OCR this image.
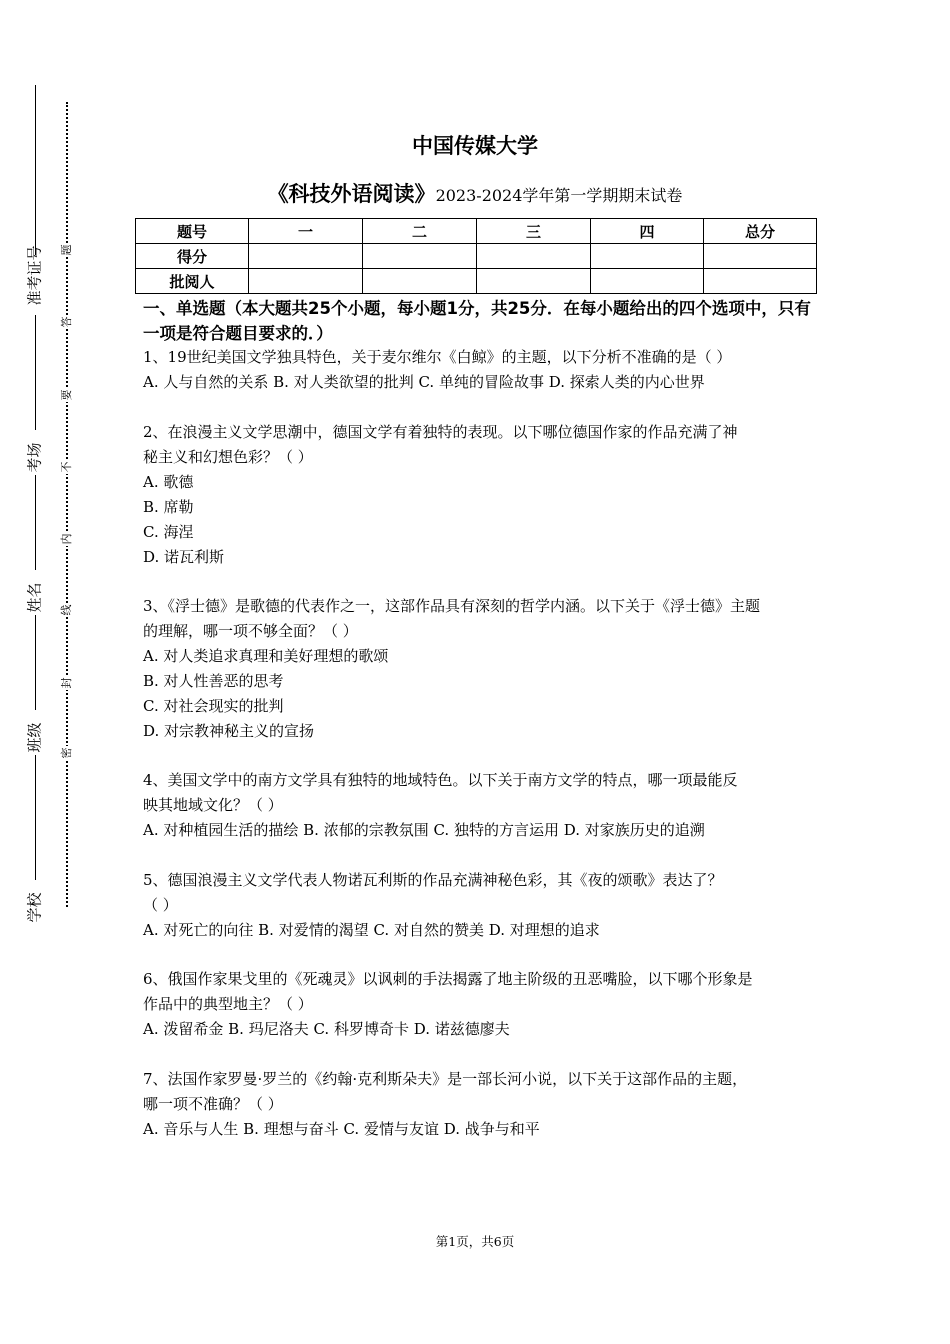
准考证号
考场
姓名
班级
学校
题
答
要
不
内
线
封
密
中国传媒大学
《科技外语阅读》2023-2024学年第一学期期末试卷
题号	一	二	三	四	总分
得分					
批阅人					
一、单选题（本大题共25个小题，每小题1分，共25分．在每小题给出的四个选项中，只有一项是符合题目要求的．）
1、19世纪美国文学独具特色，关于麦尔维尔《白鲸》的主题，以下分析不准确的是（ ）
A. 人与自然的关系 B. 对人类欲望的批判 C. 单纯的冒险故事 D. 探索人类的内心世界
2、在浪漫主义文学思潮中，德国文学有着独特的表现。以下哪位德国作家的作品充满了神
秘主义和幻想色彩？（ ）
A. 歌德
B. 席勒
C. 海涅
D. 诺瓦利斯
3、《浮士德》是歌德的代表作之一，这部作品具有深刻的哲学内涵。以下关于《浮士德》主题
的理解，哪一项不够全面？（ ）
A. 对人类追求真理和美好理想的歌颂
B. 对人性善恶的思考
C. 对社会现实的批判
D. 对宗教神秘主义的宣扬
4、美国文学中的南方文学具有独特的地域特色。以下关于南方文学的特点，哪一项最能反
映其地域文化？（ ）
A. 对种植园生活的描绘 B. 浓郁的宗教氛围 C. 独特的方言运用 D. 对家族历史的追溯
5、德国浪漫主义文学代表人物诺瓦利斯的作品充满神秘色彩，其《夜的颂歌》表达了？
（ ）
A. 对死亡的向往 B. 对爱情的渴望 C. 对自然的赞美 D. 对理想的追求
6、俄国作家果戈里的《死魂灵》以讽刺的手法揭露了地主阶级的丑恶嘴脸，以下哪个形象是
作品中的典型地主？（ ）
A. 泼留希金 B. 玛尼洛夫 C. 科罗博奇卡 D. 诺兹德廖夫
7、法国作家罗曼·罗兰的《约翰·克利斯朵夫》是一部长河小说，以下关于这部作品的主题，
哪一项不准确？（ ）
A. 音乐与人生 B. 理想与奋斗 C. 爱情与友谊 D. 战争与和平
第1页，共6页
